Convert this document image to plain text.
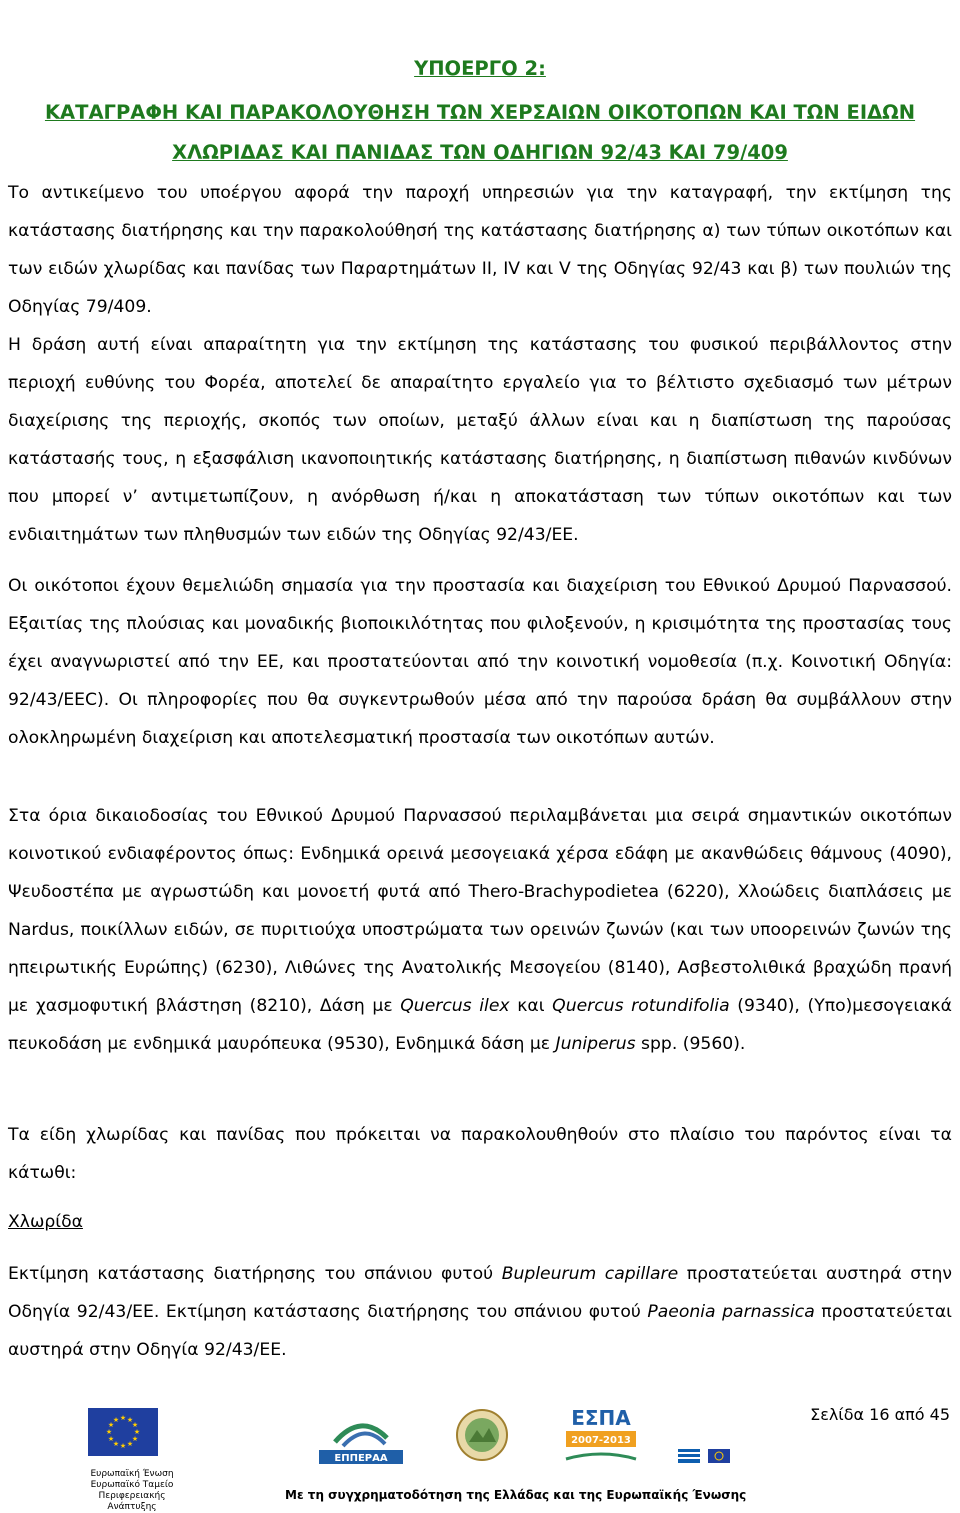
ΥΠΟΕΡΓΟ 2:
ΚΑΤΑΓΡΑΦΗ ΚΑΙ ΠΑΡΑΚΟΛΟΥΘΗΣΗ ΤΩΝ ΧΕΡΣΑΙΩΝ ΟΙΚΟΤΟΠΩΝ ΚΑΙ ΤΩΝ ΕΙΔΩΝ
ΧΛΩΡΙΔΑΣ ΚΑΙ ΠΑΝΙΔΑΣ ΤΩΝ ΟΔΗΓΙΩΝ 92/43 ΚΑΙ 79/409

Το αντικείμενο του υποέργου αφορά την παροχή υπηρεσιών για την καταγραφή, την εκτίμηση της κατάστασης διατήρησης και την παρακολούθησή της κατάστασης διατήρησης α) των τύπων οικοτόπων και των ειδών χλωρίδας και πανίδας των Παραρτημάτων II, IV και V της Οδηγίας 92/43 και β) των πουλιών της Οδηγίας 79/409.

Η δράση αυτή είναι απαραίτητη για την εκτίμηση της κατάστασης του φυσικού περιβάλλοντος στην περιοχή ευθύνης του Φορέα, αποτελεί δε απαραίτητο εργαλείο για το βέλτιστο σχεδιασμό των μέτρων διαχείρισης της περιοχής, σκοπός των οποίων, μεταξύ άλλων είναι και η διαπίστωση της παρούσας κατάστασής τους, η εξασφάλιση ικανοποιητικής κατάστασης διατήρησης, η διαπίστωση πιθανών κινδύνων που μπορεί ν’ αντιμετωπίζουν, η ανόρθωση ή/και η αποκατάσταση των τύπων οικοτόπων και των ενδιαιτημάτων των πληθυσμών των ειδών της Οδηγίας 92/43/ΕΕ.

Οι οικότοποι έχουν θεμελιώδη σημασία για την προστασία και διαχείριση του Εθνικού Δρυμού Παρνασσού. Εξαιτίας της πλούσιας και μοναδικής βιοποικιλότητας που φιλοξενούν, η κρισιμότητα της προστασίας τους έχει αναγνωριστεί από την ΕΕ, και προστατεύονται από την κοινοτική νομοθεσία (π.χ. Κοινοτική Οδηγία: 92/43/EEC). Οι πληροφορίες που θα συγκεντρωθούν μέσα από την παρούσα δράση θα συμβάλλουν στην ολοκληρωμένη διαχείριση και αποτελεσματική προστασία των οικοτόπων αυτών.

Στα όρια δικαιοδοσίας του Εθνικού Δρυμού Παρνασσού περιλαμβάνεται μια σειρά σημαντικών οικοτόπων κοινοτικού ενδιαφέροντος όπως: Ενδημικά ορεινά μεσογειακά χέρσα εδάφη με ακανθώδεις θάμνους (4090), Ψευδοστέπα με αγρωστώδη και μονοετή φυτά από Thero-Brachypodietea (6220), Χλοώδεις διαπλάσεις με Nardus, ποικίλλων ειδών, σε πυριτιούχα υποστρώματα των ορεινών ζωνών (και των υποορεινών ζωνών της ηπειρωτικής Ευρώπης) (6230), Λιθώνες της Ανατολικής Μεσογείου (8140), Ασβεστολιθικά βραχώδη πρανή με χασμοφυτική βλάστηση (8210), Δάση με Quercus ilex και Quercus rotundifolia (9340), (Υπο)μεσογειακά πευκοδάση με ενδημικά μαυρόπευκα (9530), Ενδημικά δάση με Juniperus spp. (9560).

Τα είδη χλωρίδας και πανίδας που πρόκειται να παρακολουθηθούν στο πλαίσιο του παρόντος είναι τα κάτωθι:

Χλωρίδα

Εκτίμηση κατάστασης διατήρησης του σπάνιου φυτού Bupleurum capillare προστατεύεται αυστηρά στην Οδηγία 92/43/ΕΕ. Εκτίμηση κατάστασης διατήρησης του σπάνιου φυτού Paeonia parnassica προστατεύεται αυστηρά στην Οδηγία 92/43/ΕΕ.

Σελίδα 16 από 45
★ ★
★
★
★
★
★
★
★
★
★
★
Ευρωπαϊκή Ένωση
Ευρωπαϊκό Ταμείο
Περιφερειακής Ανάπτυξης
ΕΠΠΕΡΑΑ
ΕΣΠΑ
2007-2013
Με τη συγχρηματοδότηση της Ελλάδας και της Ευρωπαϊκής Ένωσης
